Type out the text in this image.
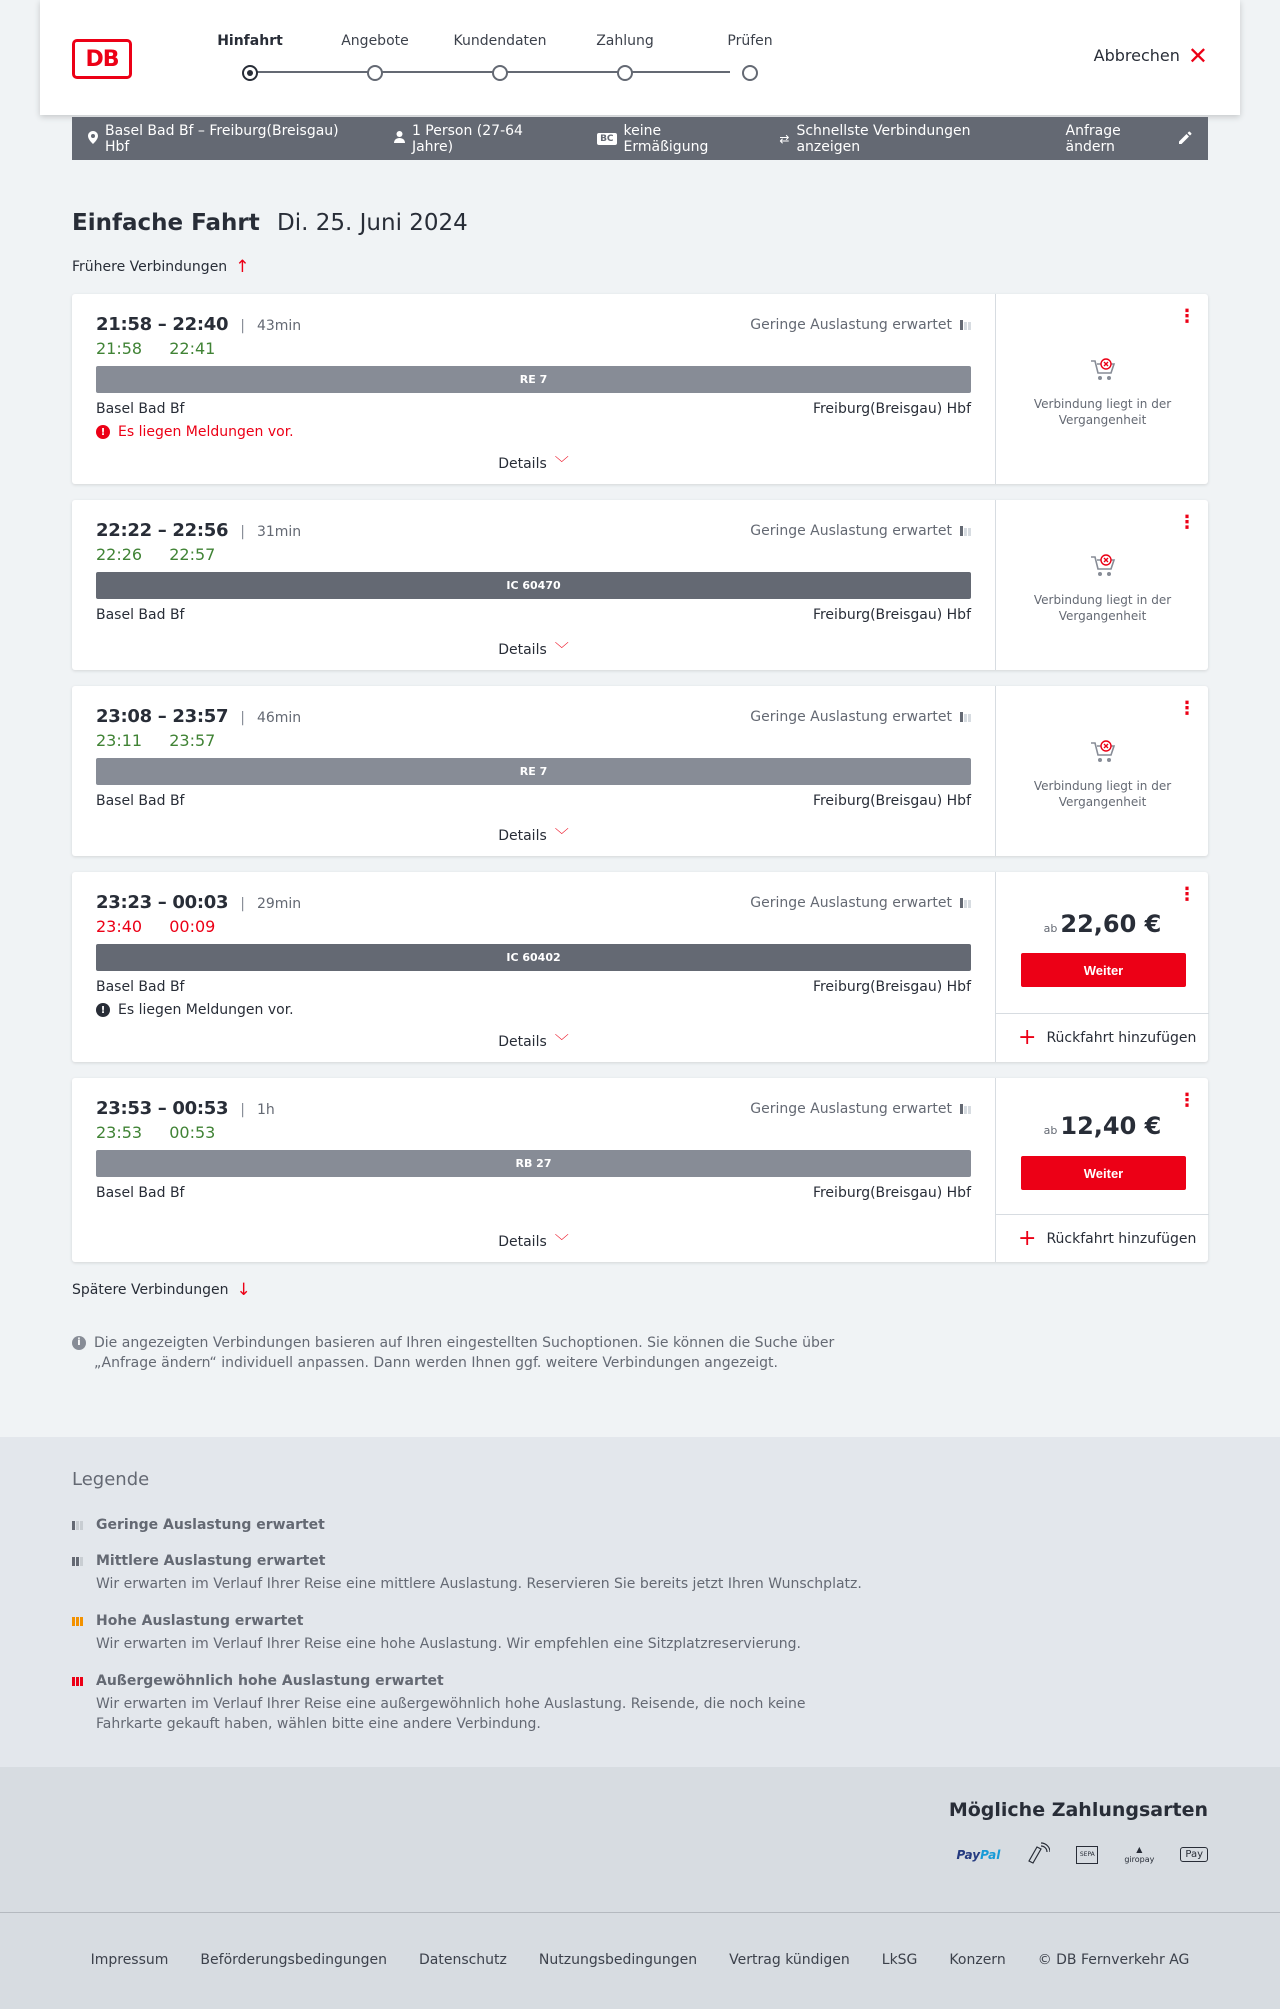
DB
Hinfahrt	Angebote	Kundendaten	Zahlung	Prüfen
Abbrechen ✕
Basel Bad Bf – Freiburg(Breisgau) Hbf
1 Person (27-64 Jahre)	BC keine Ermäßigung	⇄ Schnellste Verbindungen anzeigen
Anfrage ändern
Einfache Fahrt Di. 25. Juni 2024
Frühere Verbindungen ↑
21:58 – 22:40 | 43min
21:58 22:41
Geringe Auslastung erwartet
RE 7
Basel Bad Bf	Freiburg(Breisgau) Hbf
! Es liegen Meldungen vor.
Details ﹀
⋮
Verbindung liegt in der Vergangenheit
22:22 – 22:56 | 31min
22:26 22:57
Geringe Auslastung erwartet
IC 60470
Basel Bad Bf	Freiburg(Breisgau) Hbf
Details ﹀
⋮
Verbindung liegt in der Vergangenheit
23:08 – 23:57 | 46min
23:11 23:57
Geringe Auslastung erwartet
RE 7
Basel Bad Bf	Freiburg(Breisgau) Hbf
Details ﹀
⋮
Verbindung liegt in der Vergangenheit
23:23 – 00:03 | 29min
23:40 00:09
Geringe Auslastung erwartet
IC 60402
Basel Bad Bf	Freiburg(Breisgau) Hbf
! Es liegen Meldungen vor.
Details ﹀
⋮
ab 22,60 €
Weiter
+ Rückfahrt hinzufügen
23:53 – 00:53 | 1h
23:53 00:53
Geringe Auslastung erwartet
RB 27
Basel Bad Bf	Freiburg(Breisgau) Hbf
Details ﹀
⋮
ab 12,40 €
Weiter
+ Rückfahrt hinzufügen
Spätere Verbindungen ↓
i Die angezeigten Verbindungen basieren auf Ihren eingestellten Suchoptionen. Sie können die Suche über „Anfrage ändern“ individuell anpassen. Dann werden Ihnen ggf. weitere Verbindungen angezeigt.
Legende
Geringe Auslastung erwartet
Mittlere Auslastung erwartet
Wir erwarten im Verlauf Ihrer Reise eine mittlere Auslastung. Reservieren Sie bereits jetzt Ihren Wunschplatz.
Hohe Auslastung erwartet
Wir erwarten im Verlauf Ihrer Reise eine hohe Auslastung. Wir empfehlen eine Sitzplatzreservierung.
Außergewöhnlich hohe Auslastung erwartet
Wir erwarten im Verlauf Ihrer Reise eine außergewöhnlich hohe Auslastung. Reisende, die noch keine Fahrkarte gekauft haben, wählen bitte eine andere Verbindung.
Mögliche Zahlungsarten
PayPal	SEPA
▲
giropay	Pay
Impressum Beförderungsbedingungen Datenschutz Nutzungsbedingungen Vertrag kündigen LkSG Konzern © DB Fernverkehr AG
